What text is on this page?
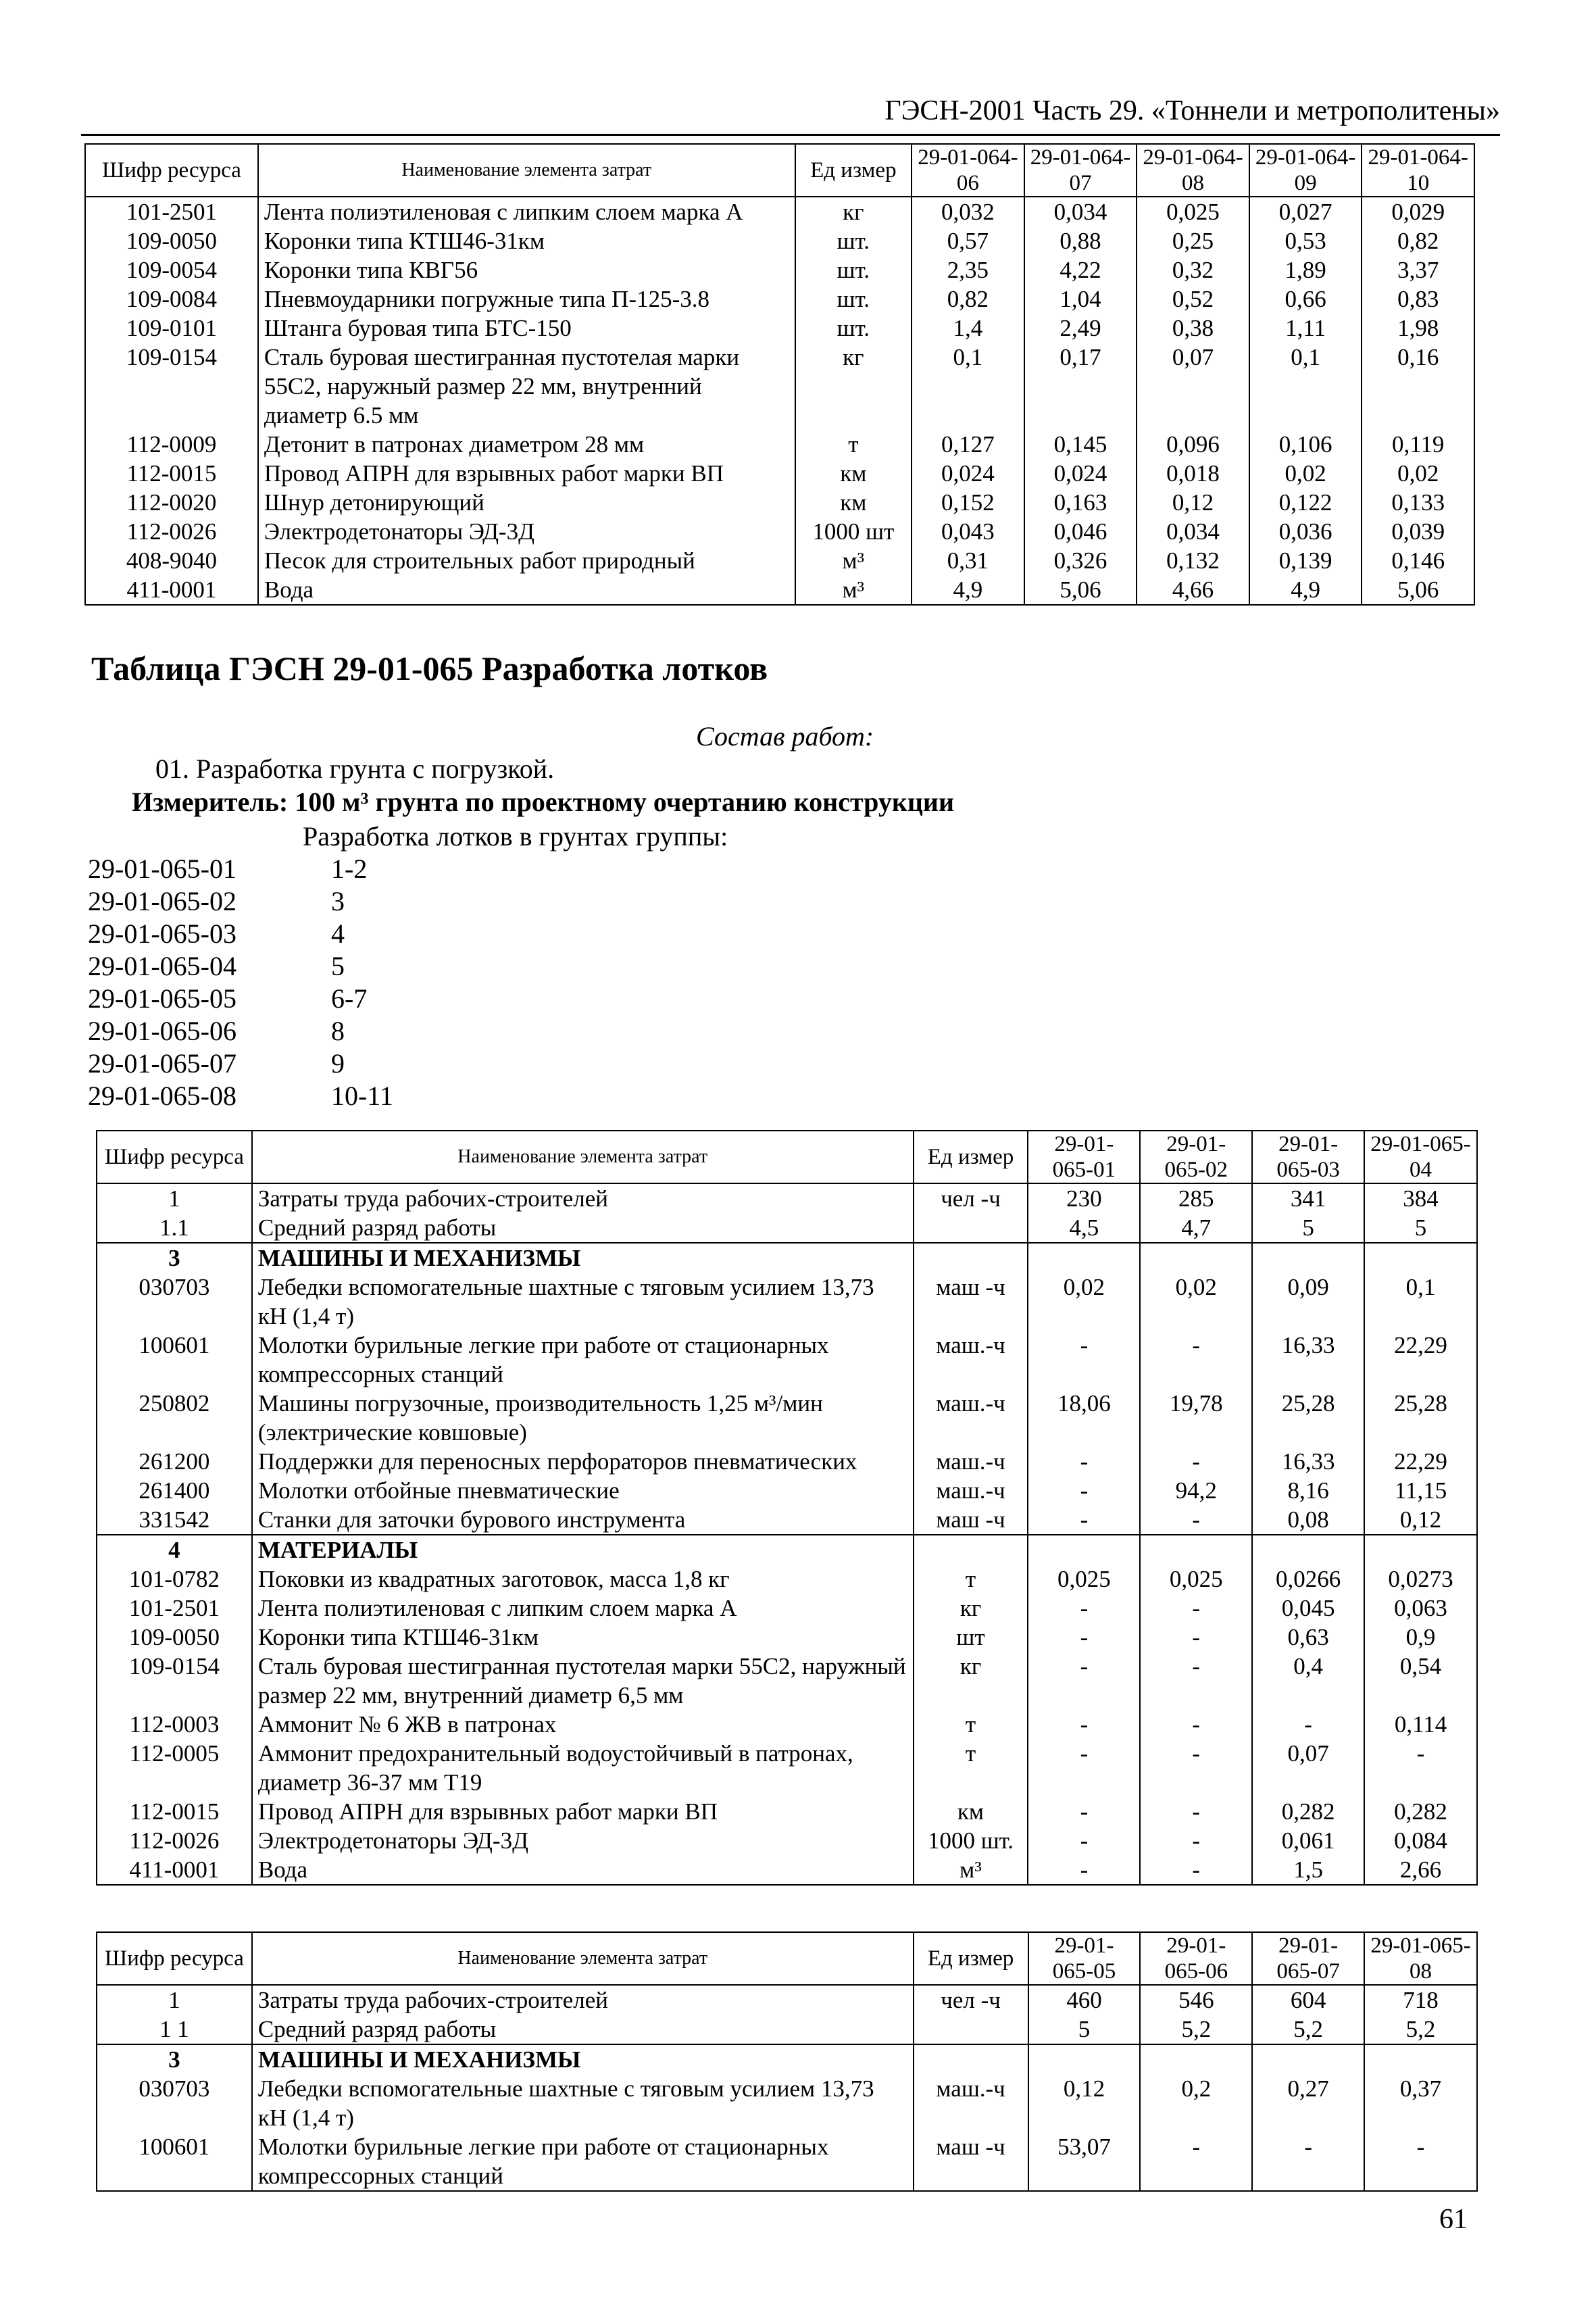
ГЭСН-2001 Часть 29. «Тоннели и метрополитены»
Шифр ресурса	Наименование элемента затрат	Ед измер	29-01-064-06	29-01-064-07	29-01-064-08	29-01-064-09	29-01-064-10
101-2501	Лента полиэтиленовая с липким слоем марка А	кг	0,032	0,034	0,025	0,027	0,029
109-0050	Коронки типа КТШ46-31км	шт.	0,57	0,88	0,25	0,53	0,82
109-0054	Коронки типа КВГ56	шт.	2,35	4,22	0,32	1,89	3,37
109-0084	Пневмоударники погружные типа П-125-3.8	шт.	0,82	1,04	0,52	0,66	0,83
109-0101	Штанга буровая типа БТС-150	шт.	1,4	2,49	0,38	1,11	1,98
109-0154	Сталь буровая шестигранная пустотелая марки 55С2, наружный размер 22 мм, внутренний диаметр 6.5 мм	кг	0,1	0,17	0,07	0,1	0,16
112-0009	Детонит в патронах диаметром 28 мм	т	0,127	0,145	0,096	0,106	0,119
112-0015	Провод АПРН для взрывных работ марки ВП	км	0,024	0,024	0,018	0,02	0,02
112-0020	Шнур детонирующий	км	0,152	0,163	0,12	0,122	0,133
112-0026	Электродетонаторы ЭД-3Д	1000 шт	0,043	0,046	0,034	0,036	0,039
408-9040	Песок для строительных работ природный	м³	0,31	0,326	0,132	0,139	0,146
411-0001	Вода	м³	4,9	5,06	4,66	4,9	5,06
Таблица ГЭСН 29-01-065 Разработка лотков
Состав работ:
01. Разработка грунта с погрузкой.
Измеритель: 100 м³ грунта по проектному очертанию конструкции
Разработка лотков в грунтах группы:
29-01-065-01	1-2
29-01-065-02	3
29-01-065-03	4
29-01-065-04	5
29-01-065-05	6-7
29-01-065-06	8
29-01-065-07	9
29-01-065-08	10-11
Шифр ресурса	Наименование элемента затрат	Ед измер	29-01-065-01	29-01-065-02	29-01-065-03	29-01-065-04
1	Затраты труда рабочих-строителей	чел -ч	230	285	341	384
1.1	Средний разряд работы		4,5	4,7	5	5
3	МАШИНЫ И МЕХАНИЗМЫ					
030703	Лебедки вспомогательные шахтные с тяговым усилием 13,73 кН (1,4 т)	маш -ч	0,02	0,02	0,09	0,1
100601	Молотки бурильные легкие при работе от стационарных компрессорных станций	маш.-ч	-	-	16,33	22,29
250802	Машины погрузочные, производительность 1,25 м³/мин (электрические ковшовые)	маш.-ч	18,06	19,78	25,28	25,28
261200	Поддержки для переносных перфораторов пневматических	маш.-ч	-	-	16,33	22,29
261400	Молотки отбойные пневматические	маш.-ч	-	94,2	8,16	11,15
331542	Станки для заточки бурового инструмента	маш -ч	-	-	0,08	0,12
4	МАТЕРИАЛЫ					
101-0782	Поковки из квадратных заготовок, масса 1,8 кг	т	0,025	0,025	0,0266	0,0273
101-2501	Лента полиэтиленовая с липким слоем марка А	кг	-	-	0,045	0,063
109-0050	Коронки типа КТШ46-31км	шт	-	-	0,63	0,9
109-0154	Сталь буровая шестигранная пустотелая марки 55С2, наружный размер 22 мм, внутренний диаметр 6,5 мм	кг	-	-	0,4	0,54
112-0003	Аммонит № 6 ЖВ в патронах	т	-	-	-	0,114
112-0005	Аммонит предохранительный водоустойчивый в патронах, диаметр 36-37 мм Т19	т	-	-	0,07	-
112-0015	Провод АПРН для взрывных работ марки ВП	км	-	-	0,282	0,282
112-0026	Электродетонаторы ЭД-3Д	1000 шт.	-	-	0,061	0,084
411-0001	Вода	м³	-	-	1,5	2,66
Шифр ресурса	Наименование элемента затрат	Ед измер	29-01-065-05	29-01-065-06	29-01-065-07	29-01-065-08
1	Затраты труда рабочих-строителей	чел -ч	460	546	604	718
1 1	Средний разряд работы		5	5,2	5,2	5,2
3	МАШИНЫ И МЕХАНИЗМЫ					
030703	Лебедки вспомогательные шахтные с тяговым усилием 13,73 кН (1,4 т)	маш.-ч	0,12	0,2	0,27	0,37
100601	Молотки бурильные легкие при работе от стационарных компрессорных станций	маш -ч	53,07	-	-	-
61
